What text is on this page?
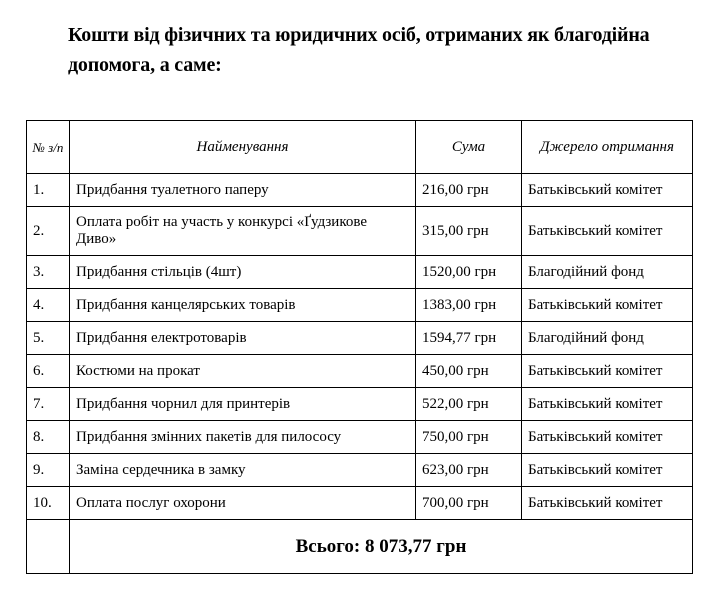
Кошти від фізичних та юридичних осіб, отриманих як благодійна допомога, а саме:
№ з/п	Найменування	Сума	Джерело отримання
1.	Придбання туалетного паперу	216,00 грн	Батьківський комітет
2.	Оплата робіт на участь у конкурсі «Ґудзикове Диво»	315,00 грн	Батьківський комітет
3.	Придбання стільців (4шт)	1520,00 грн	Благодійний фонд
4.	Придбання канцелярських товарів	1383,00 грн	Батьківський комітет
5.	Придбання електротоварів	1594,77 грн	Благодійний фонд
6.	Костюми на прокат	450,00 грн	Батьківський комітет
7.	Придбання чорнил для принтерів	522,00 грн	Батьківський комітет
8.	Придбання змінних пакетів для пилососу	750,00 грн	Батьківський комітет
9.	Заміна сердечника в замку	623,00 грн	Батьківський комітет
10.	Оплата послуг охорони	700,00 грн	Батьківський комітет
	Всього: 8 073,77 грн		
